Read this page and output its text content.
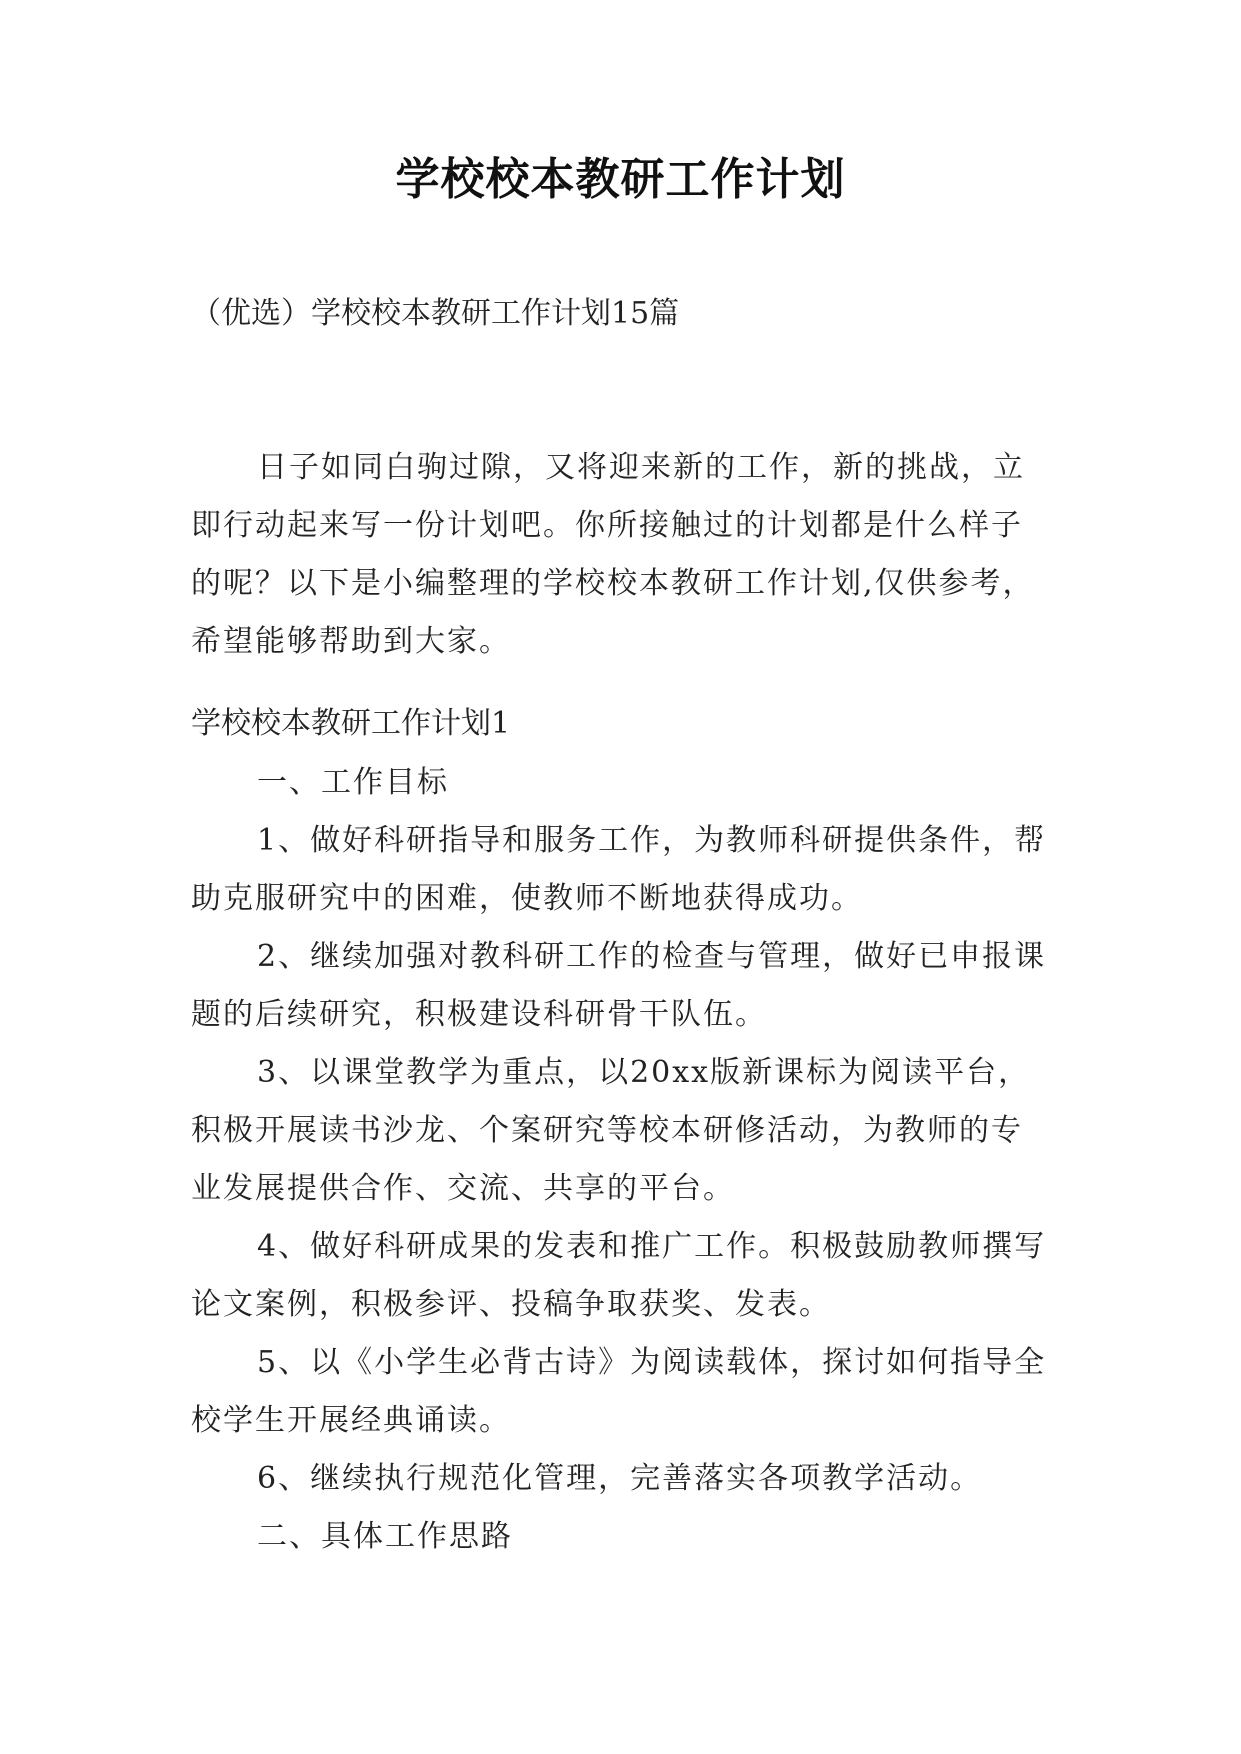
学校校本教研工作计划
（优选）学校校本教研工作计划15篇

日子如同白驹过隙，又将迎来新的工作，新的挑战，立即行动起来写一份计划吧。你所接触过的计划都是什么样子的呢？以下是小编整理的学校校本教研工作计划,仅供参考，希望能够帮助到大家。

学校校本教研工作计划1

一、工作目标

1、做好科研指导和服务工作，为教师科研提供条件，帮助克服研究中的困难，使教师不断地获得成功。

2、继续加强对教科研工作的检查与管理，做好已申报课题的后续研究，积极建设科研骨干队伍。

3、以课堂教学为重点，以20xx版新课标为阅读平台，积极开展读书沙龙、个案研究等校本研修活动，为教师的专业发展提供合作、交流、共享的平台。

4、做好科研成果的发表和推广工作。积极鼓励教师撰写论文案例，积极参评、投稿争取获奖、发表。

5、以《小学生必背古诗》为阅读载体，探讨如何指导全校学生开展经典诵读。

6、继续执行规范化管理，完善落实各项教学活动。

二、具体工作思路
